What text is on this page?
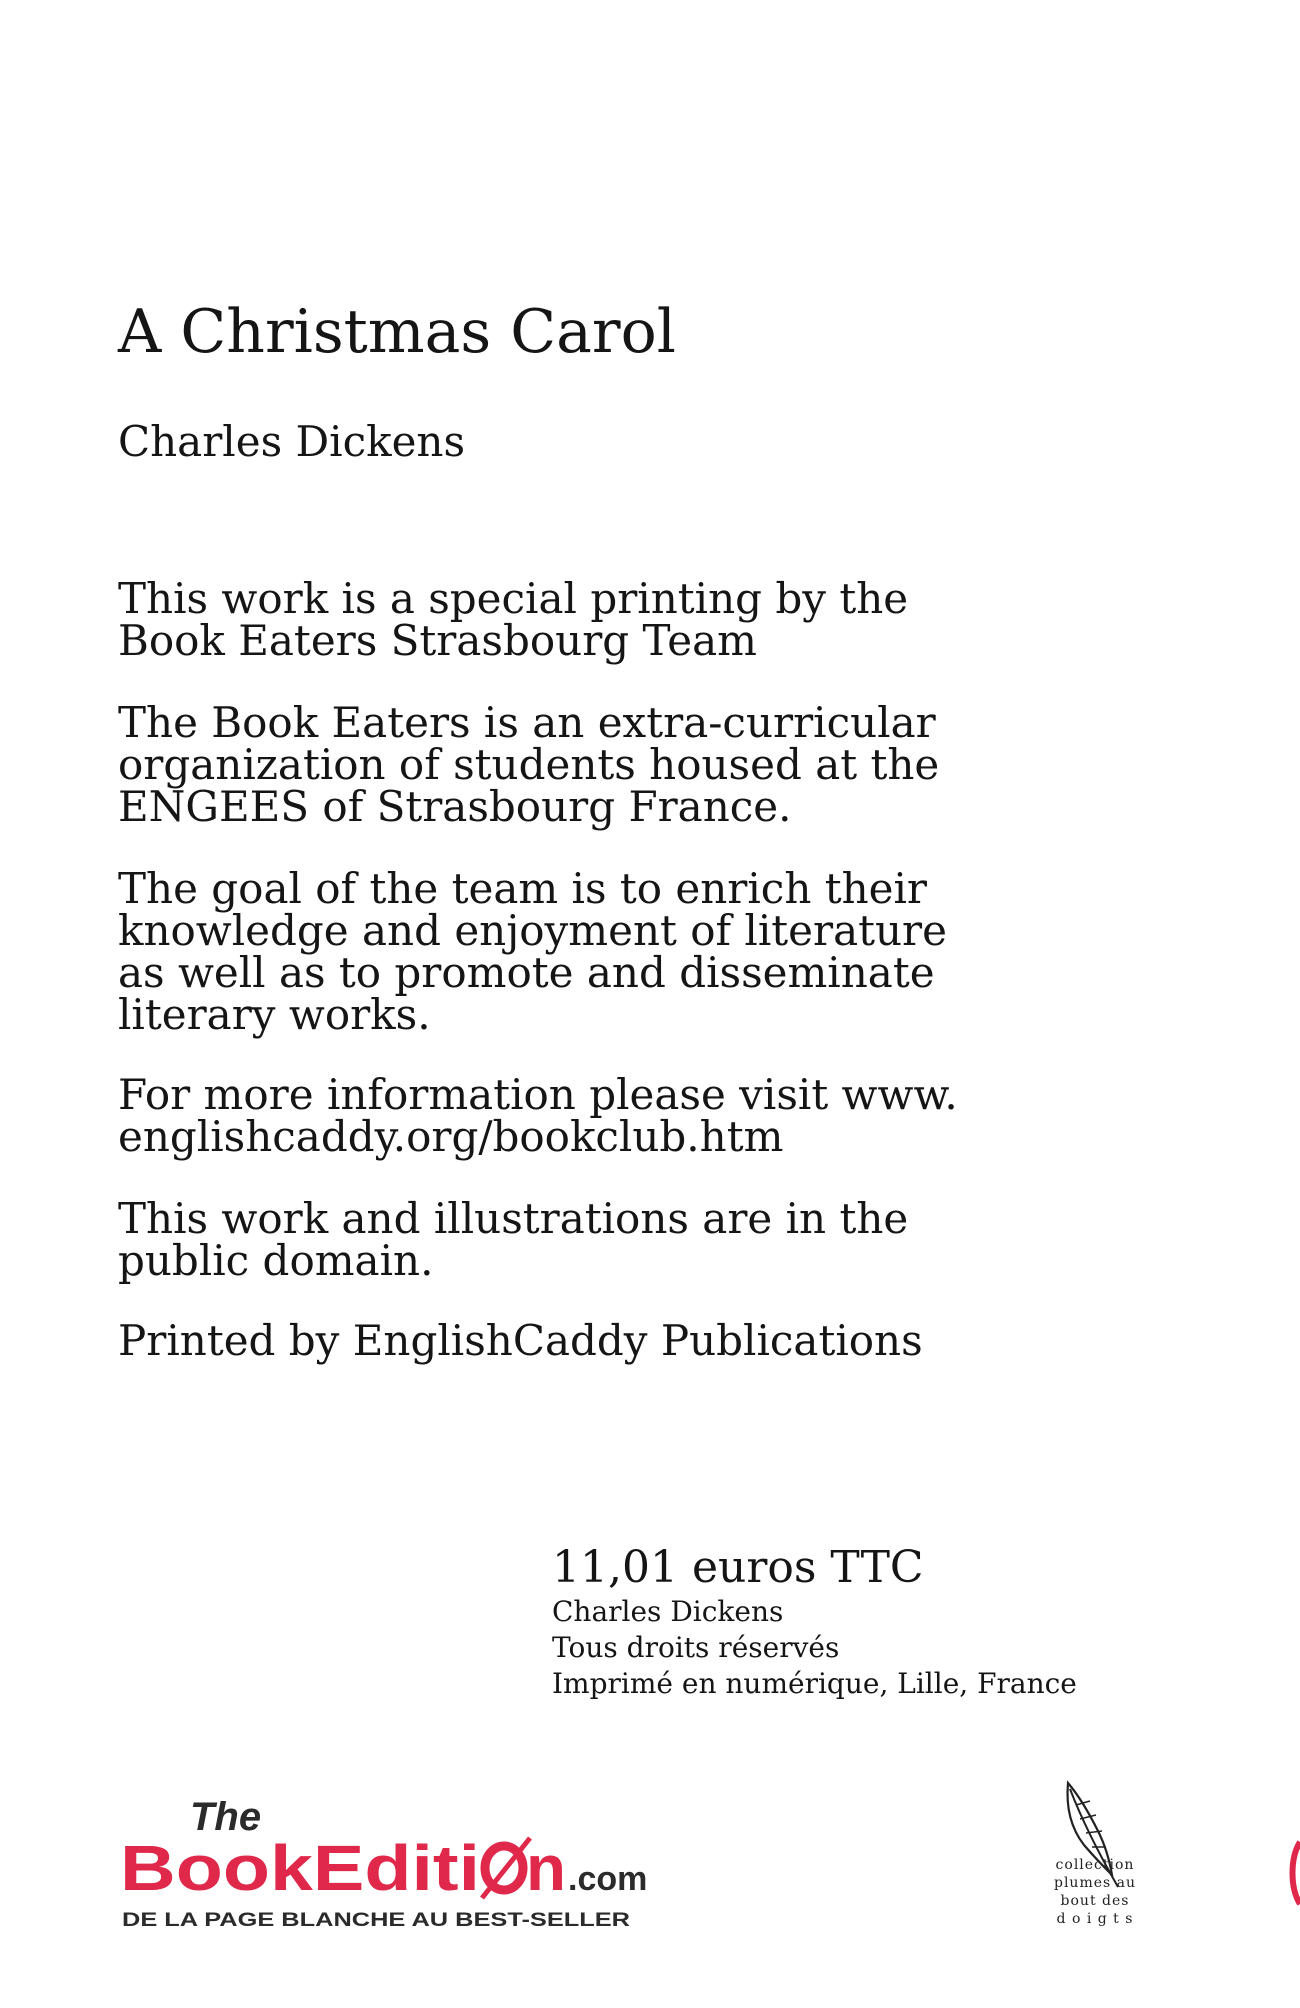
A Christmas Carol
Charles Dickens
This work is a special printing by the
Book Eaters Strasbourg Team
The Book Eaters is an extra-curricular
organization of students housed at the
ENGEES of Strasbourg France.
The goal of the team is to enrich their
knowledge and enjoyment of literature
as well as to promote and disseminate
literary works.
For more information please visit www.
englishcaddy.org/bookclub.htm
This work and illustrations are in the
public domain.
Printed by EnglishCaddy Publications
11,01 euros TTC
Charles Dickens
Tous droits réservés
Imprimé en numérique, Lille, France
The
BookEditi n .com
DE LA PAGE BLANCHE AU BEST-SELLER
collection
plumes au
bout des
d o i g t s
